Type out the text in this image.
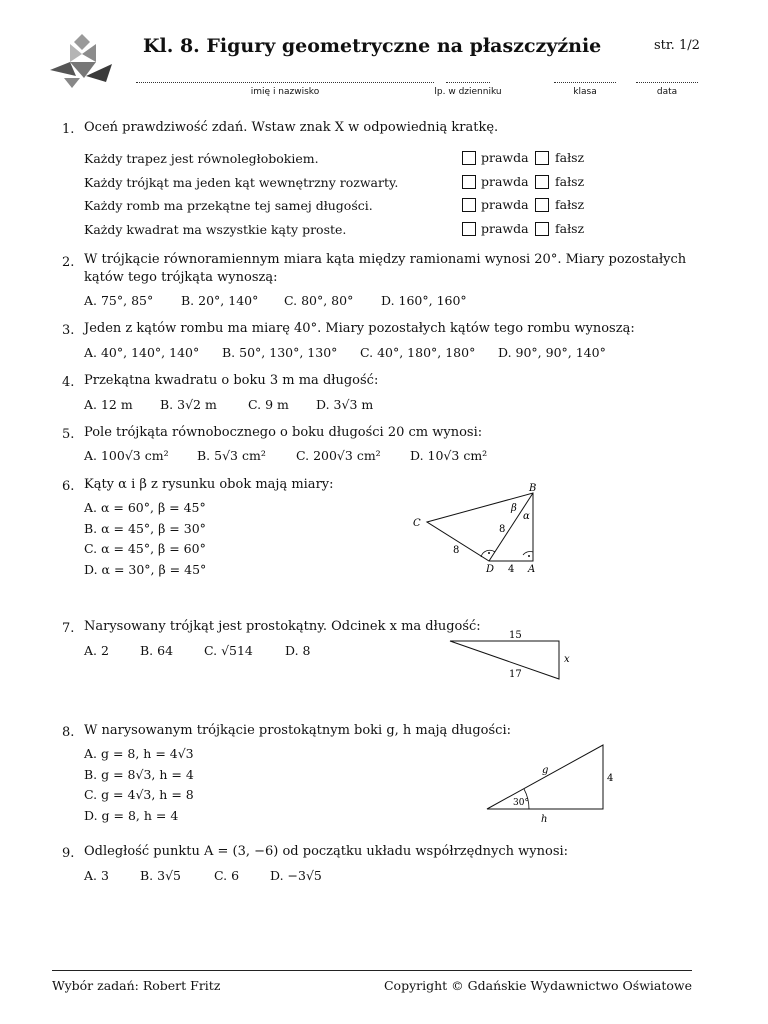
Kl. 8. Figury geometryczne na płaszczyźnie	str. 1/2
imię i nazwisko	lp. w dzienniku	klasa	data
1. Oceń prawdziwość zdań. Wstaw znak X w odpowiednią kratkę.
Każdy trapez jest równoległobokiem.	prawda fałsz
Każdy trójkąt ma jeden kąt wewnętrzny rozwarty.	prawda fałsz
Każdy romb ma przekątne tej samej długości.	prawda fałsz
Każdy kwadrat ma wszystkie kąty proste.	prawda fałsz
2. W trójkącie równoramiennym miara kąta między ramionami wynosi 20°. Miary pozostałych kątów tego trójkąta wynoszą:
A. 75°, 85° B. 20°, 140° C. 80°, 80° D. 160°, 160°
3. Jeden z kątów rombu ma miarę 40°. Miary pozostałych kątów tego rombu wynoszą:
A. 40°, 140°, 140° B. 50°, 130°, 130° C. 40°, 180°, 180° D. 90°, 90°, 140°
4. Przekątna kwadratu o boku 3 m ma długość:
A. 12 m B. 3√2 m C. 9 m D. 3√3 m
5. Pole trójkąta równobocznego o boku długości 20 cm wynosi:
A. 100√3 cm² B. 5√3 cm² C. 200√3 cm² D. 10√3 cm²
6. Kąty α i β z rysunku obok mają miary:
A. α = 60°, β = 45°
B. α = 45°, β = 30°
C. α = 45°, β = 60°
D. α = 30°, β = 45°
B
C
D	A
β
α
8
8
4
7. Narysowany trójkąt jest prostokątny. Odcinek x ma długość:
A. 2 B. 64 C. √514	D. 8
15
x
17
8. W narysowanym trójkącie prostokątnym boki g, h mają długości:
A. g = 8, h = 4√3
B. g = 8√3, h = 4
C. g = 4√3, h = 8
D. g = 8, h = 4
g
4
h
30°
9. Odległość punktu A = (3, −6) od początku układu współrzędnych wynosi:
A. 3 B. 3√5	C. 6 D. −3√5
Wybór zadań: Robert Fritz	Copyright © Gdańskie Wydawnictwo Oświatowe
